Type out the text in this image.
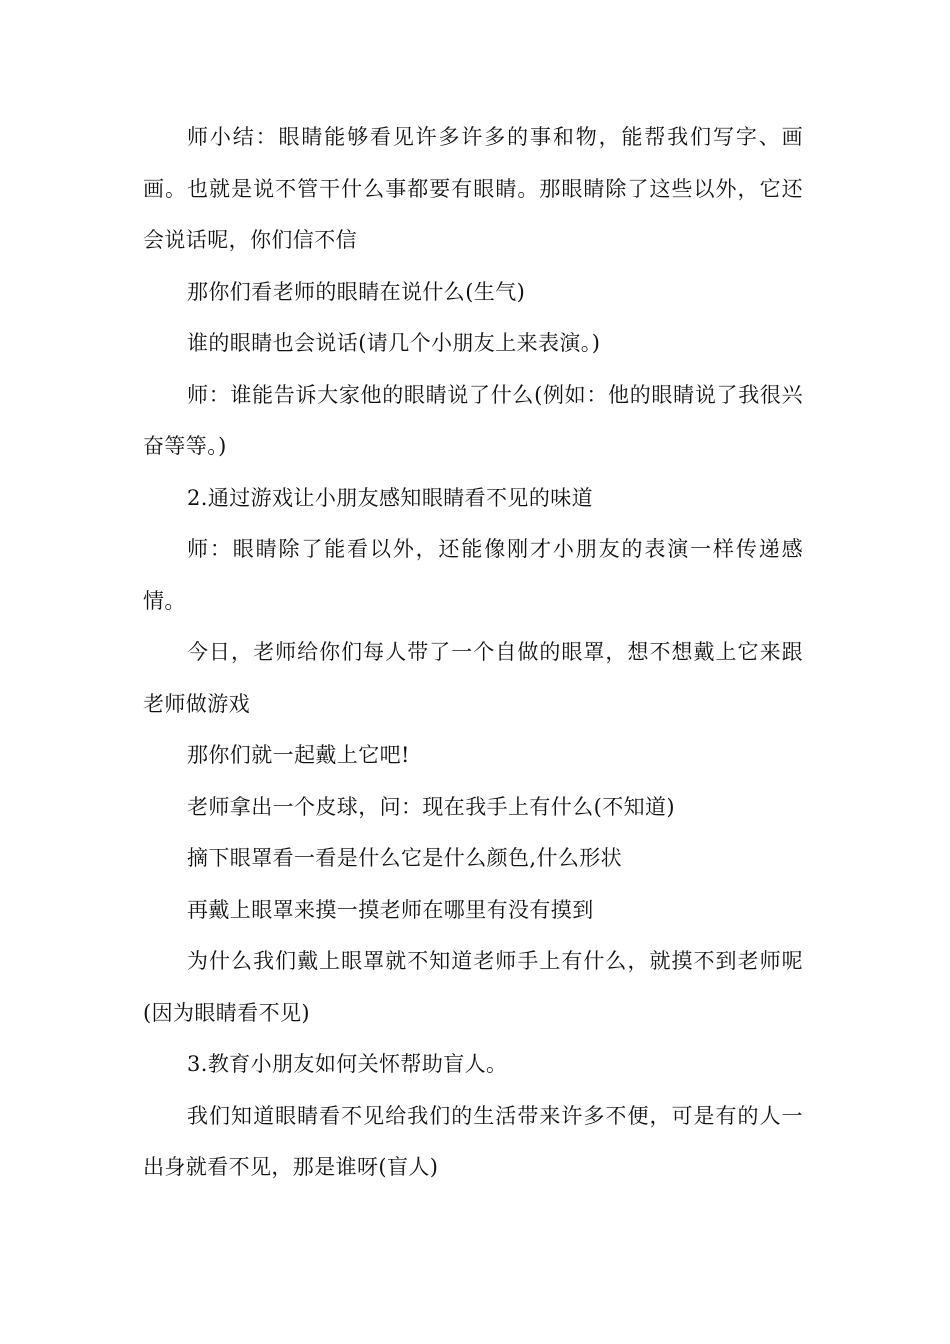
师小结：眼睛能够看见许多许多的事和物，能帮我们写字、画画。也就是说不管干什么事都要有眼睛。那眼睛除了这些以外，它还会说话呢，你们信不信

那你们看老师的眼睛在说什么(生气)

谁的眼睛也会说话(请几个小朋友上来表演。)

师：谁能告诉大家他的眼睛说了什么(例如：他的眼睛说了我很兴奋等等。)

2.通过游戏让小朋友感知眼睛看不见的味道

师：眼睛除了能看以外，还能像刚才小朋友的表演一样传递感情。

今日，老师给你们每人带了一个自做的眼罩，想不想戴上它来跟老师做游戏

那你们就一起戴上它吧!

老师拿出一个皮球，问：现在我手上有什么(不知道)

摘下眼罩看一看是什么它是什么颜色,什么形状

再戴上眼罩来摸一摸老师在哪里有没有摸到

为什么我们戴上眼罩就不知道老师手上有什么，就摸不到老师呢(因为眼睛看不见)

3.教育小朋友如何关怀帮助盲人。

我们知道眼睛看不见给我们的生活带来许多不便，可是有的人一出身就看不见，那是谁呀(盲人)
